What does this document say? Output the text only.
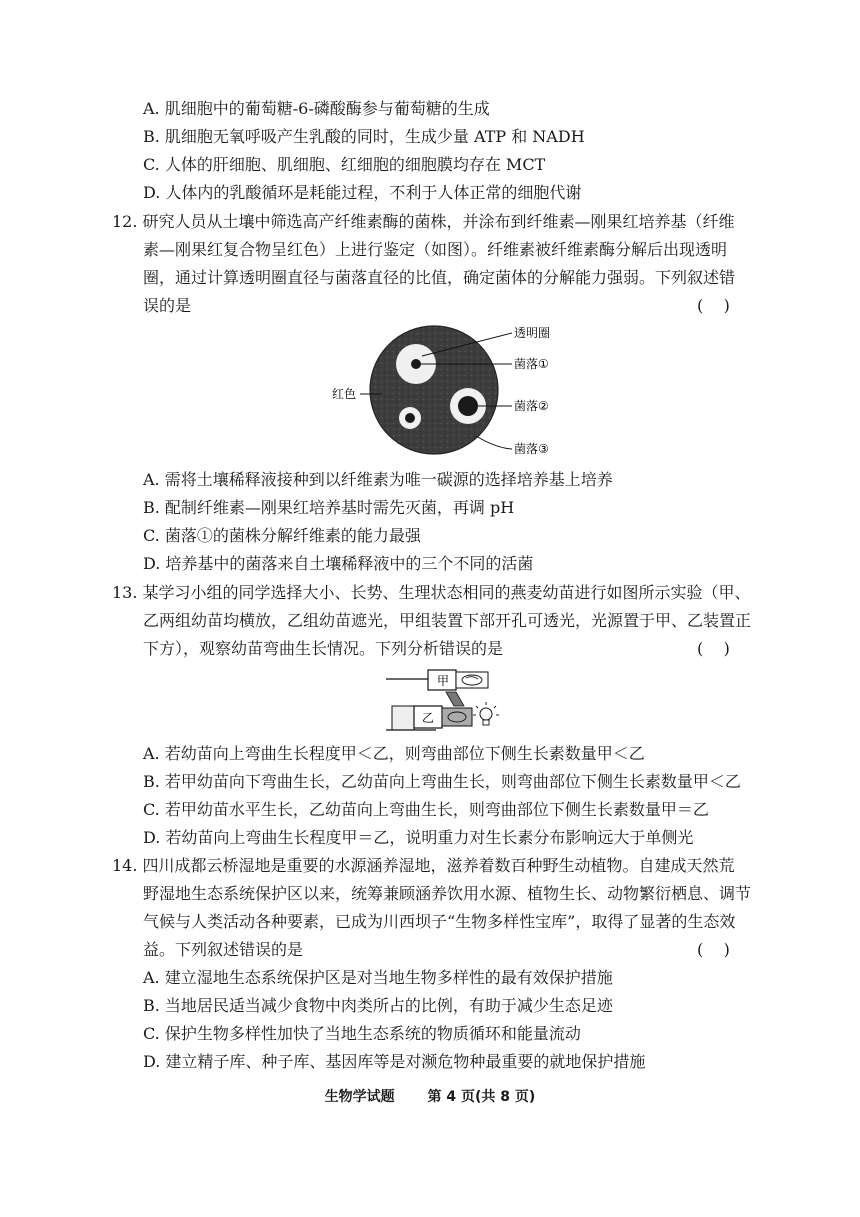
A. 肌细胞中的葡萄糖-6-磷酸酶参与葡萄糖的生成
B. 肌细胞无氧呼吸产生乳酸的同时，生成少量 ATP 和 NADH
C. 人体的肝细胞、肌细胞、红细胞的细胞膜均存在 MCT
D. 人体内的乳酸循环是耗能过程，不利于人体正常的细胞代谢
12. 研究人员从土壤中筛选高产纤维素酶的菌株，并涂布到纤维素—刚果红培养基（纤维
素—刚果红复合物呈红色）上进行鉴定（如图）。纤维素被纤维素酶分解后出现透明
圈，通过计算透明圈直径与菌落直径的比值，确定菌体的分解能力强弱。下列叙述错
误的是	(    )
透明圈
菌落①
菌落②
菌落③
红色
A. 需将土壤稀释液接种到以纤维素为唯一碳源的选择培养基上培养
B. 配制纤维素—刚果红培养基时需先灭菌，再调 pH
C. 菌落①的菌株分解纤维素的能力最强
D. 培养基中的菌落来自土壤稀释液中的三个不同的活菌
13. 某学习小组的同学选择大小、长势、生理状态相同的燕麦幼苗进行如图所示实验（甲、
乙两组幼苗均横放，乙组幼苗遮光，甲组装置下部开孔可透光，光源置于甲、乙装置正
下方），观察幼苗弯曲生长情况。下列分析错误的是	(    )
甲
乙
A. 若幼苗向上弯曲生长程度甲＜乙，则弯曲部位下侧生长素数量甲＜乙
B. 若甲幼苗向下弯曲生长，乙幼苗向上弯曲生长，则弯曲部位下侧生长素数量甲＜乙
C. 若甲幼苗水平生长，乙幼苗向上弯曲生长，则弯曲部位下侧生长素数量甲＝乙
D. 若幼苗向上弯曲生长程度甲＝乙，说明重力对生长素分布影响远大于单侧光
14. 四川成都云桥湿地是重要的水源涵养湿地，滋养着数百种野生动植物。自建成天然荒
野湿地生态系统保护区以来，统筹兼顾涵养饮用水源、植物生长、动物繁衍栖息、调节
气候与人类活动各种要素，已成为川西坝子“生物多样性宝库”，取得了显著的生态效
益。下列叙述错误的是	(    )
A. 建立湿地生态系统保护区是对当地生物多样性的最有效保护措施
B. 当地居民适当减少食物中肉类所占的比例，有助于减少生态足迹
C. 保护生物多样性加快了当地生态系统的物质循环和能量流动
D. 建立精子库、种子库、基因库等是对濒危物种最重要的就地保护措施
生物学试题 第 4 页(共 8 页)
